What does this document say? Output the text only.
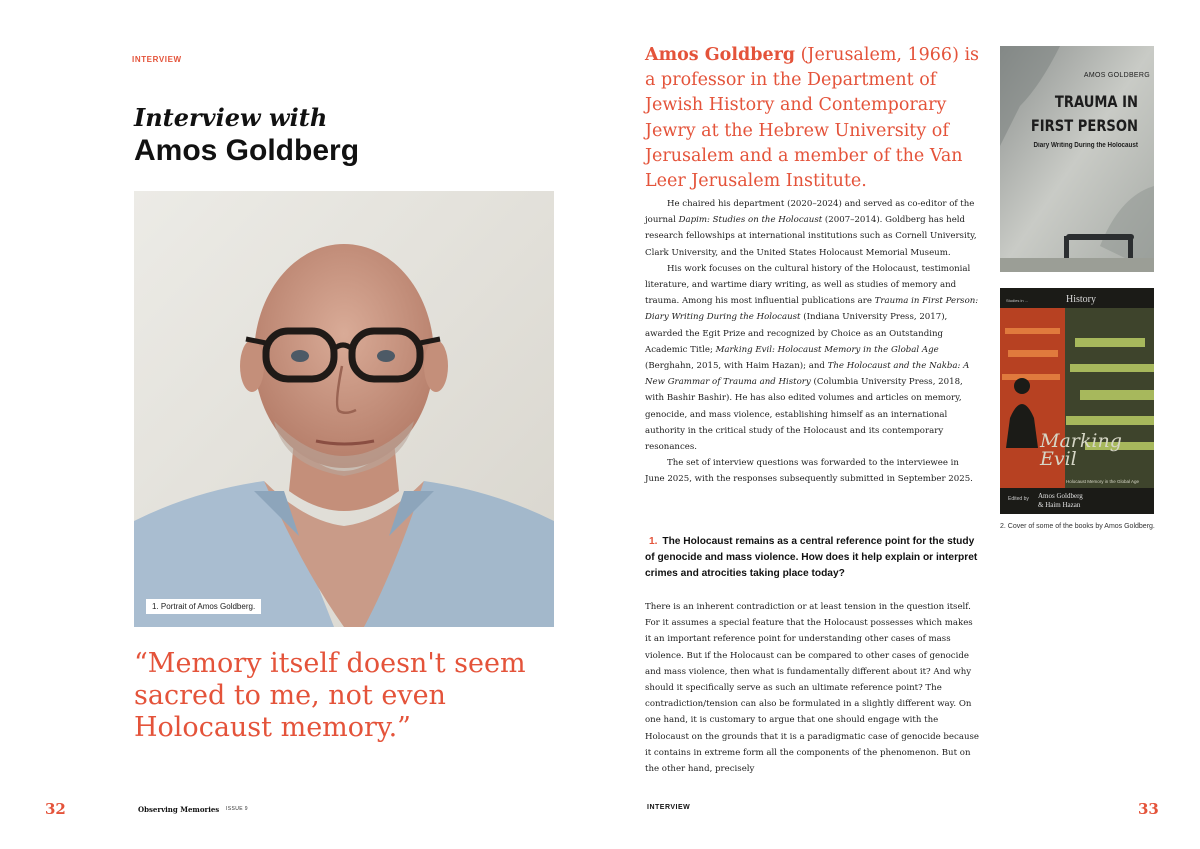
INTERVIEW
Interview with
Amos Goldberg
1. Portrait of Amos Goldberg.
“Memory itself doesn't seem sacred to me, not even Holocaust memory.”
32	Observing Memories ISSUE 9

Amos Goldberg (Jerusalem, 1966) is a professor in the Department of Jewish History and Contemporary Jewry at the Hebrew University of Jerusalem and a member of the Van Leer Jerusalem Institute.

He chaired his department (2020–2024) and served as co-editor of the journal Dapim: Studies on the Holocaust (2007–2014). Goldberg has held research fellowships at international institutions such as Cornell University, Clark University, and the United States Holocaust Memorial Museum.

His work focuses on the cultural history of the Holocaust, testimonial literature, and wartime diary writing, as well as studies of memory and trauma. Among his most influential publications are Trauma in First Person: Diary Writing During the Holocaust (Indiana University Press, 2017), awarded the Egit Prize and recognized by Choice as an Outstanding Academic Title; Marking Evil: Holocaust Memory in the Global Age (Berghahn, 2015, with Haim Hazan); and The Holocaust and the Nakba: A New Grammar of Trauma and History (Columbia University Press, 2018, with Bashir Bashir). He has also edited volumes and articles on memory, genocide, and mass violence, establishing himself as an international authority in the critical study of the Holocaust and its contemporary resonances.

The set of interview questions was forwarded to the interviewee in June 2025, with the responses subsequently submitted in September 2025.

1. The Holocaust remains as a central reference point for the study of genocide and mass violence. How does it help explain or interpret crimes and atrocities taking place today?

There is an inherent contradiction or at least tension in the question itself. For it assumes a special feature that the Holocaust possesses which makes it an important reference point for understanding other cases of mass violence. But if the Holocaust can be compared to other cases of genocide and mass violence, then what is fundamentally different about it? And why should it specifically serve as such an ultimate reference point? The contradiction/tension can also be formulated in a slightly different way. On one hand, it is customary to argue that one should engage with the Holocaust on the grounds that it is a paradigmatic case of genocide because it contains in extreme form all the components of the phenomenon. But on the other hand, precisely

AMOS GOLDBERG
TRAUMA IN
FIRST PERSON
Diary Writing During the Holocaust
Studies in ...	History
Marking
Evil
Holocaust Memory in the Global Age
Edited by Amos Goldberg
& Haim Hazan
2. Cover of some of the books by Amos Goldberg.
INTERVIEW	33
